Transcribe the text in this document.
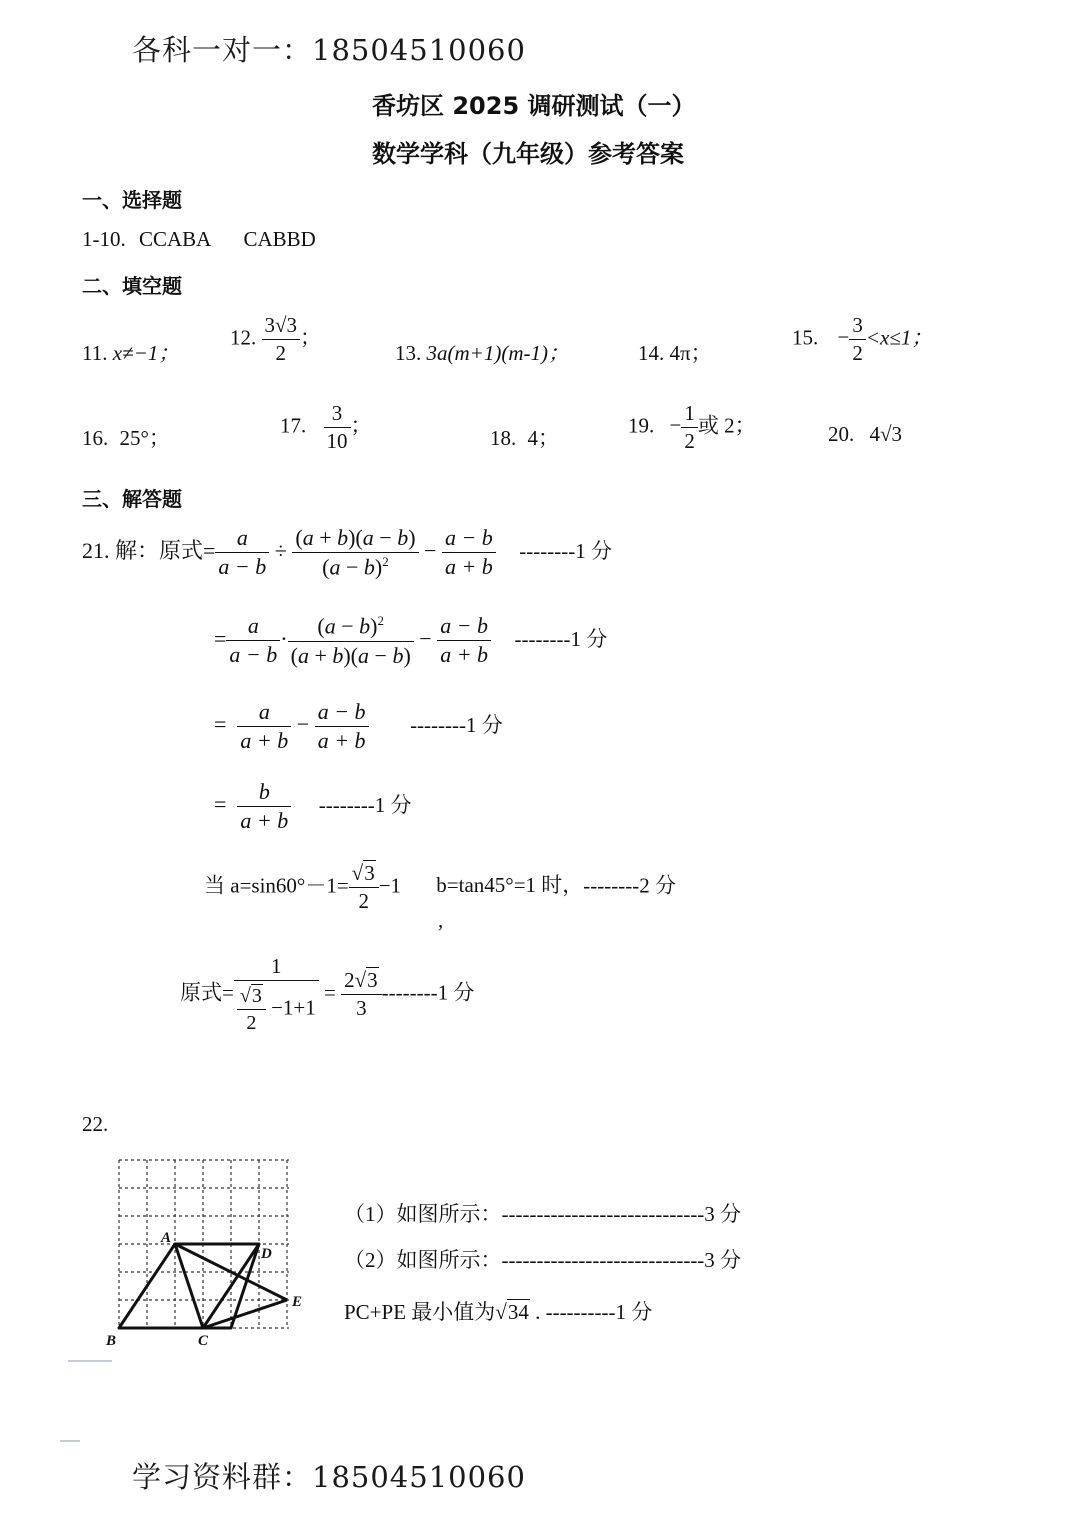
各科一对一：18504510060
学习资料群：18504510060
香坊区 2025 调研测试（一）
数学学科（九年级）参考答案
一、选择题
1-10. CCABA CABBD
二、填空题
11. x≠−1；
12. $\frac{3√3}{2}$ ；
13. 3a(m+1)(m-1)；	14. 4π；
15. − $\frac{3}{2} <x\le 1$；
16. 25°；
17. $\frac{3}{10}$ ；
18. 4；
19. − $\frac{1}{2}$ 或 2；	20. 4√3
三、解答题
21. 解：原式= $\frac{a}{a - b} \div \frac{(a + b)(a - b)}{(a - b)^2} - \frac{a - b}{a + b} --------1$ 分
= $\frac{a}{a - b} \cdot \frac{(a - b)^2}{(a + b)(a - b)} - \frac{a - b}{a + b} --------1$ 分
= $\frac{a}{a + b} - \frac{a - b}{a + b} --------1$ 分
= $\frac{b}{a + b} --------1$ 分
当 $a=\sin 60^\circ-1= \frac{√3}{2} -1$ b=tan45°=1 时，--------2 分
,
原式= $\frac{1}{\frac{√3}{2} -1+1} = \frac{2√3}{3} --------1$ 分
22.
A
D
E
B	C
（1）如图所示：-----------------------------3 分
（2）如图所示：-----------------------------3 分
PC+PE 最小值为√34 . ----------1 分
